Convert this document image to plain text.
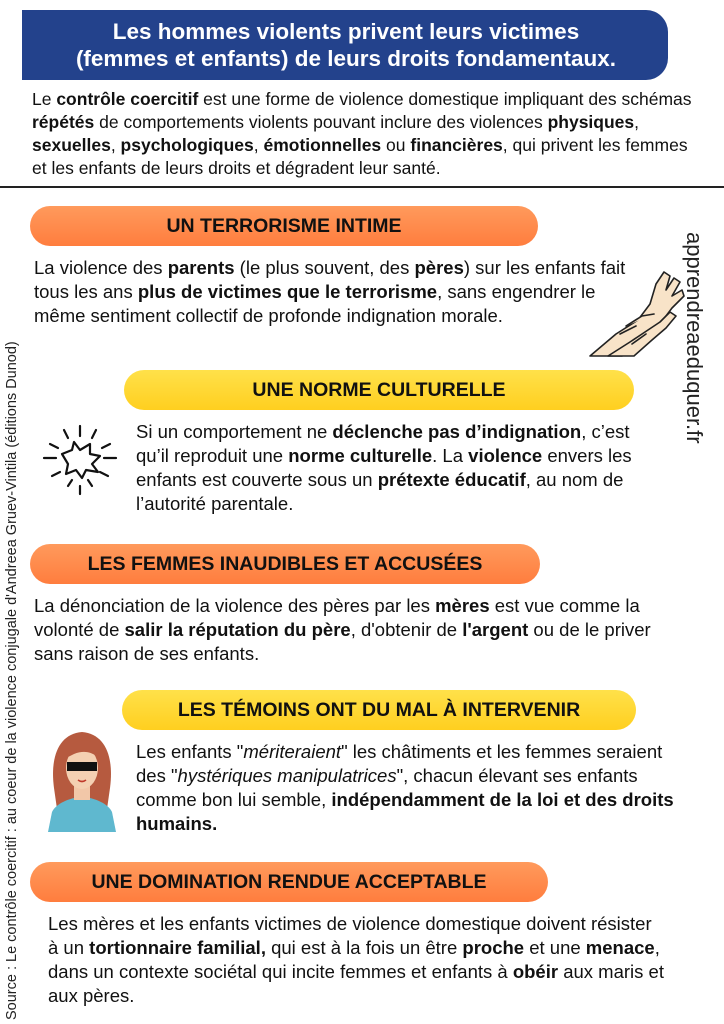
Les hommes violents privent leurs victimes
(femmes et enfants) de leurs droits fondamentaux.
Le contrôle coercitif est une forme de violence domestique impliquant des schémas répétés de comportements violents pouvant inclure des violences physiques, sexuelles, psychologiques, émotionnelles ou financières, qui privent les femmes et les enfants de leurs droits et dégradent leur santé.
Source : Le contrôle coercitif : au coeur de la violence conjugale d'Andreea Gruev-Vintila (éditions Dunod)
apprendreaeduquer.fr
UN TERRORISME INTIME
La violence des parents (le plus souvent, des pères) sur les enfants fait tous les ans plus de victimes que le terrorisme, sans engendrer le même sentiment collectif de profonde indignation morale.
UNE NORME CULTURELLE
Si un comportement ne déclenche pas d’indignation, c’est qu’il reproduit une norme culturelle. La violence envers les enfants est couverte sous un prétexte éducatif, au nom de l’autorité parentale.
LES FEMMES INAUDIBLES ET ACCUSÉES
La dénonciation de la violence des pères par les mères est vue comme la volonté de salir la réputation du père, d'obtenir de l'argent ou de le priver sans raison de ses enfants.
LES TÉMOINS ONT DU MAL À INTERVENIR
Les enfants "mériteraient" les châtiments et les femmes seraient des "hystériques manipulatrices", chacun élevant ses enfants comme bon lui semble, indépendamment de la loi et des droits humains.
UNE DOMINATION RENDUE ACCEPTABLE
Les mères et les enfants victimes de violence domestique doivent résister à un tortionnaire familial, qui est à la fois un être proche et une menace, dans un contexte sociétal qui incite femmes et enfants à obéir aux maris et aux pères.
